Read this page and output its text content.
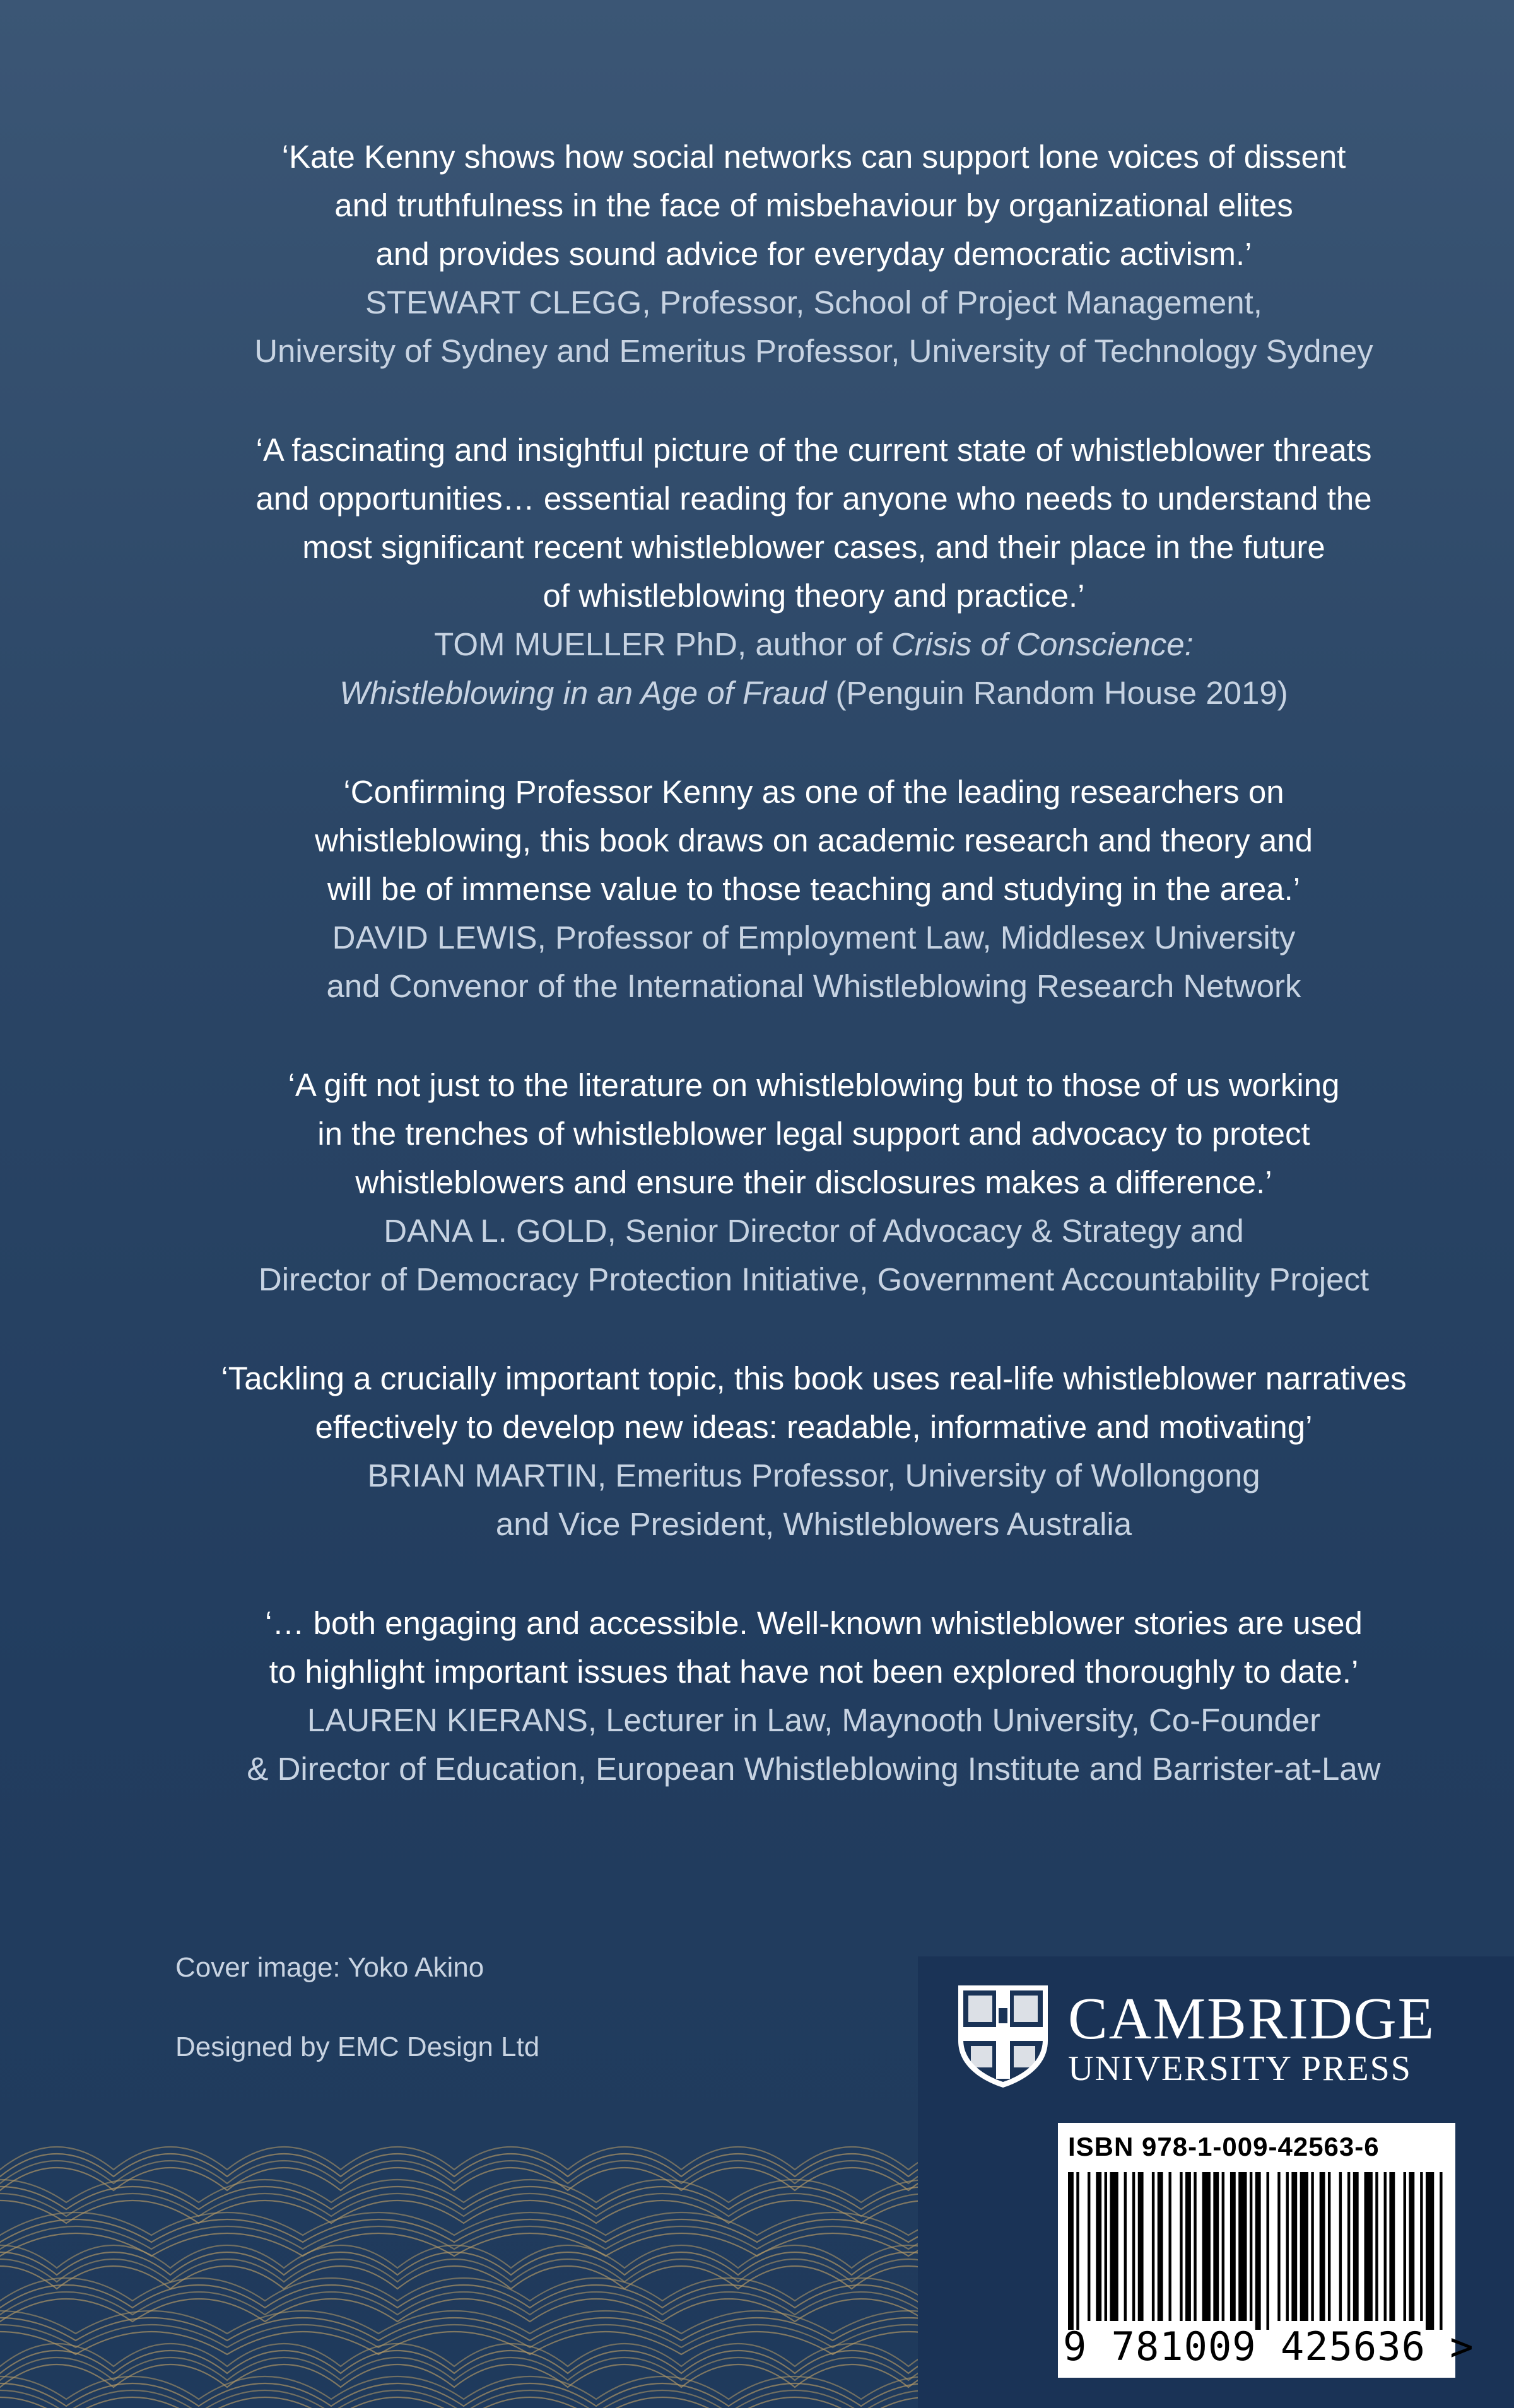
‘Kate Kenny shows how social networks can support lone voices of dissent
and truthfulness in the face of misbehaviour by organizational elites
and provides sound advice for everyday democratic activism.’
STEWART CLEGG, Professor, School of Project Management,
University of Sydney and Emeritus Professor, University of Technology Sydney
‘A fascinating and insightful picture of the current state of whistleblower threats
and opportunities… essential reading for anyone who needs to understand the
most significant recent whistleblower cases, and their place in the future
of whistleblowing theory and practice.’
TOM MUELLER PhD, author of Crisis of Conscience:
Whistleblowing in an Age of Fraud (Penguin Random House 2019)
‘Confirming Professor Kenny as one of the leading researchers on
whistleblowing, this book draws on academic research and theory and
will be of immense value to those teaching and studying in the area.’
DAVID LEWIS, Professor of Employment Law, Middlesex University
and Convenor of the International Whistleblowing Research Network
‘A gift not just to the literature on whistleblowing but to those of us working
in the trenches of whistleblower legal support and advocacy to protect
whistleblowers and ensure their disclosures makes a difference.’
DANA L. GOLD, Senior Director of Advocacy & Strategy and
Director of Democracy Protection Initiative, Government Accountability Project
‘Tackling a crucially important topic, this book uses real-life whistleblower narratives
effectively to develop new ideas: readable, informative and motivating’
BRIAN MARTIN, Emeritus Professor, University of Wollongong
and Vice President, Whistleblowers Australia
‘… both engaging and accessible. Well-known whistleblower stories are used
to highlight important issues that have not been explored thoroughly to date.’
LAUREN KIERANS, Lecturer in Law, Maynooth University, Co-Founder
& Director of Education, European Whistleblowing Institute and Barrister-at-Law
Cover image: Yoko Akino
Designed by EMC Design Ltd	CAMBRIDGE
UNIVERSITY PRESS
ISBN 978-1-009-42563-6
9 781009 425636 >
